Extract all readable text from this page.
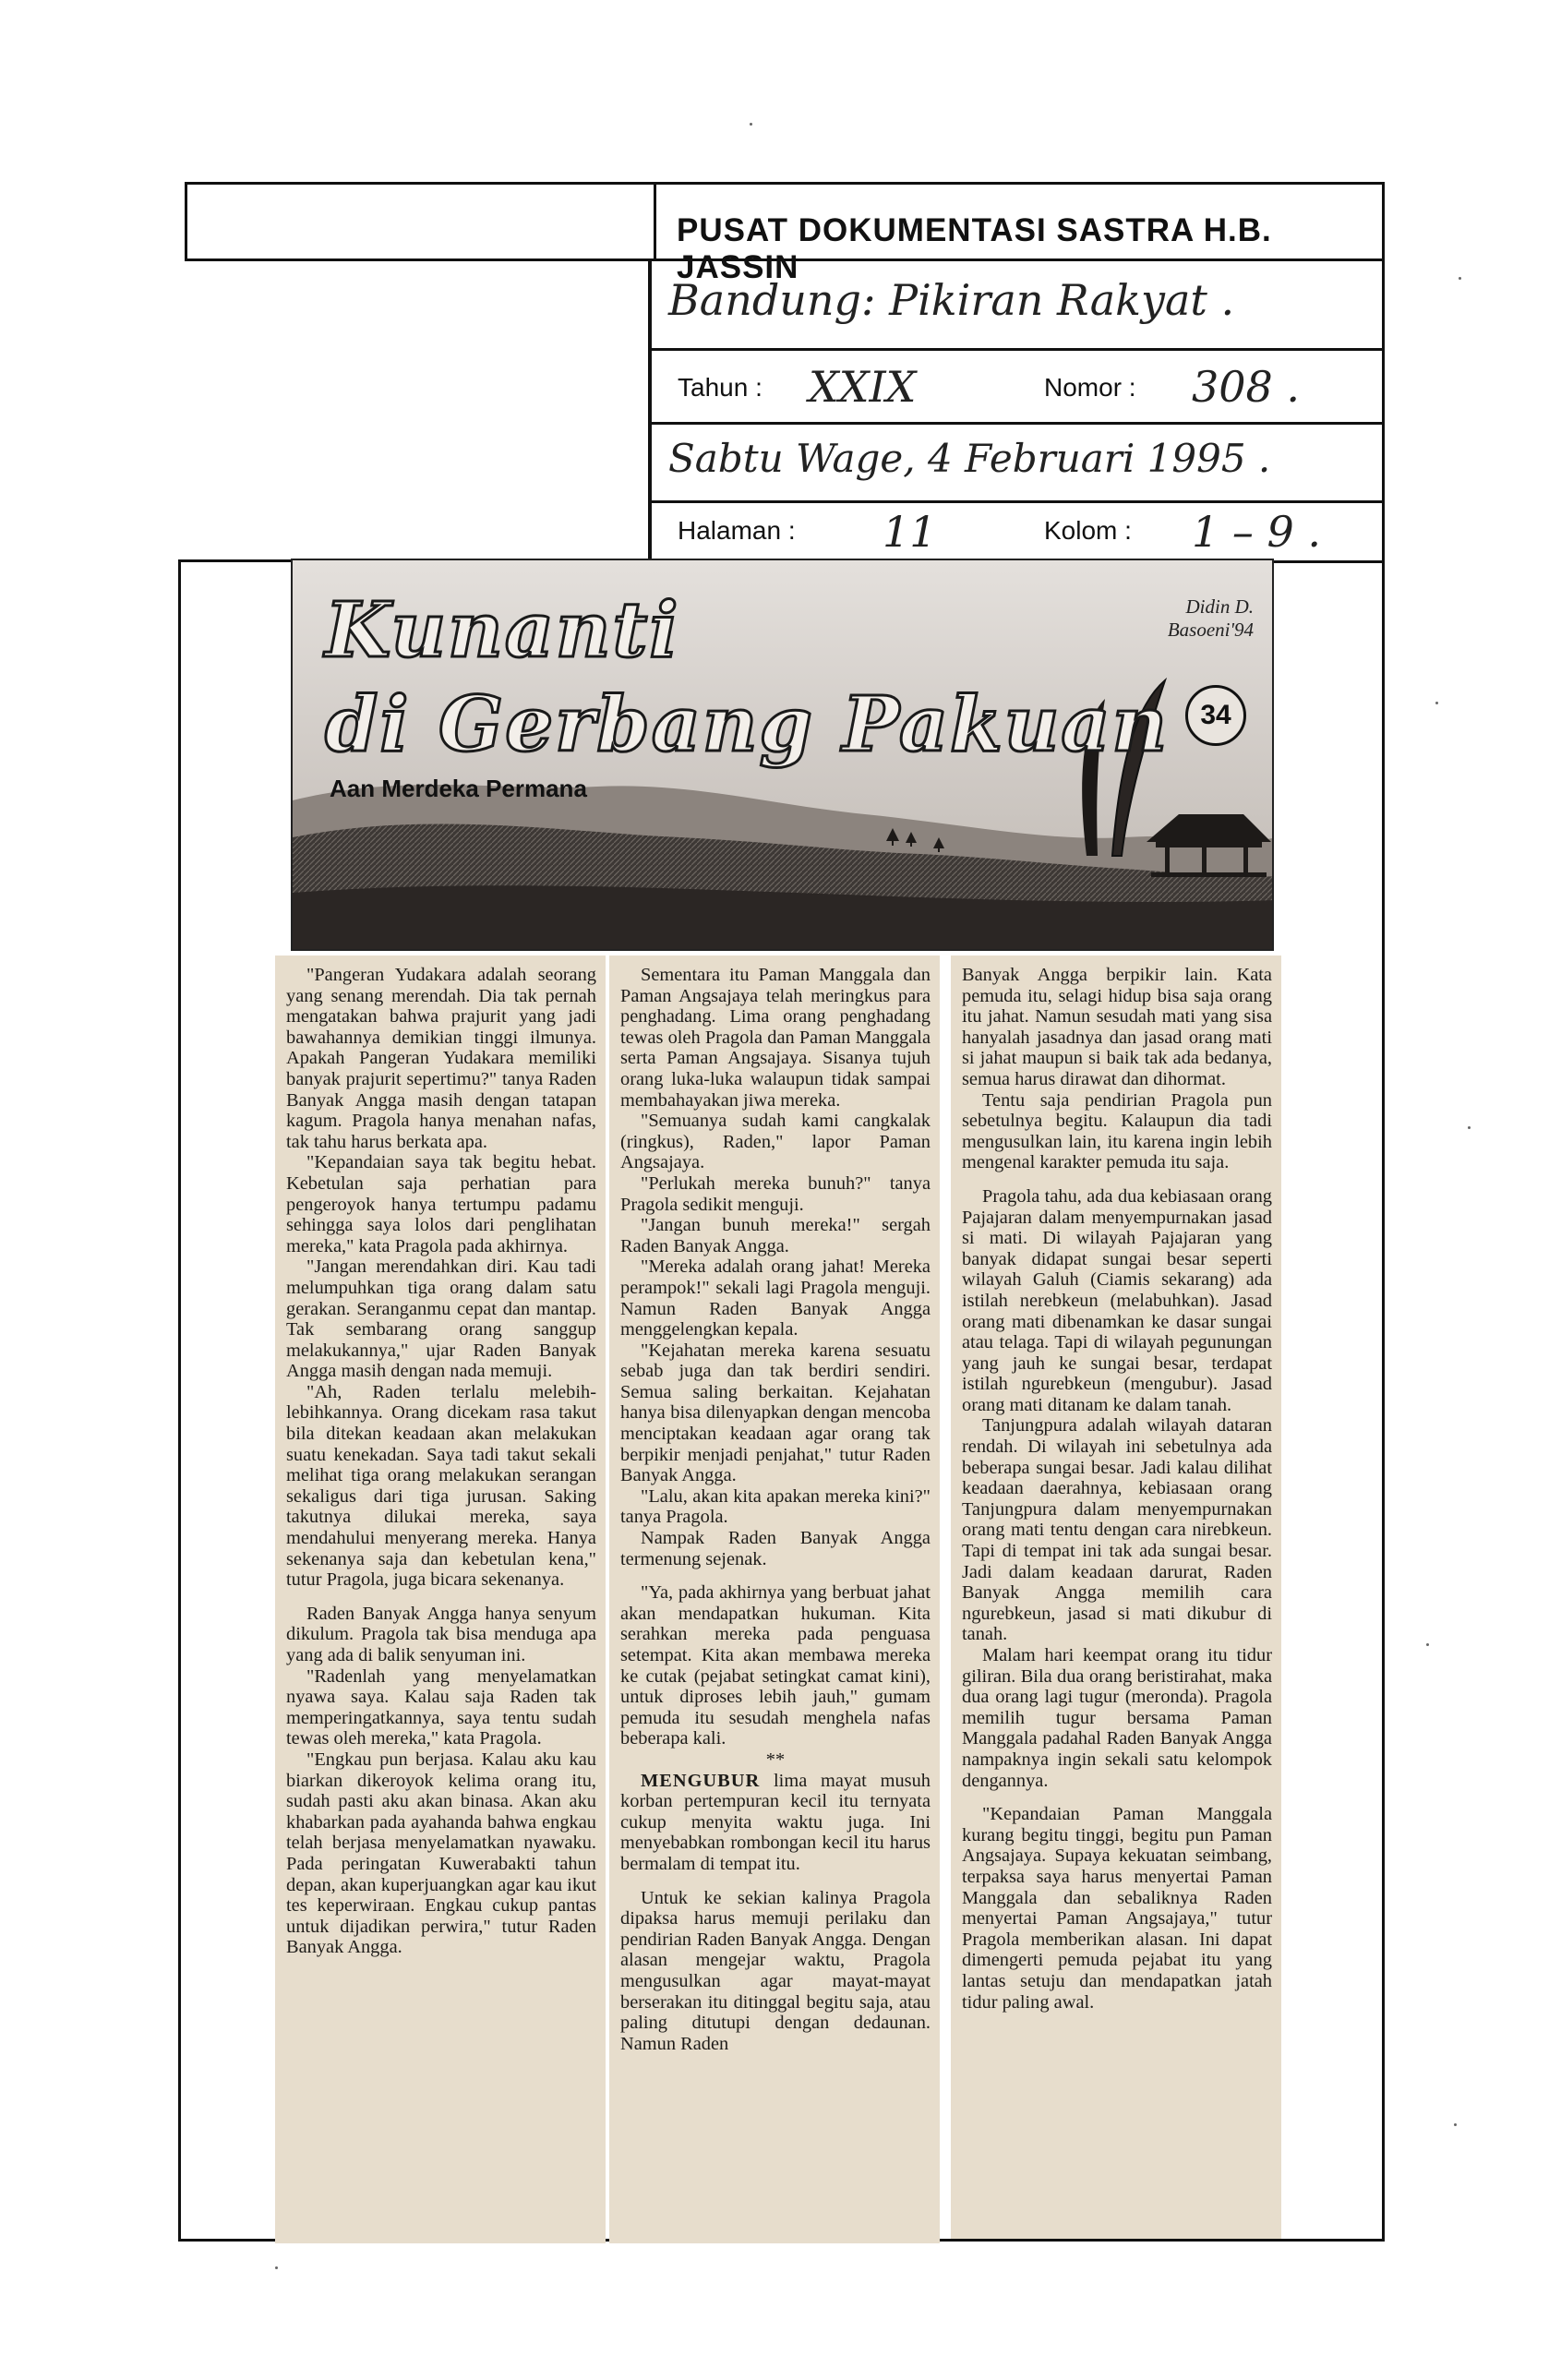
PUSAT DOKUMENTASI SASTRA H.B. JASSIN
Bandung: Pikiran Rakyat .
Tahun : XXIX	Nomor : 308 .
Sabtu Wage, 4 Februari 1995 .
Halaman : 11	Kolom : 1 – 9 .
Kunanti
di Gerbang Pakuan
Aan Merdeka Permana
Didin D.
Basoeni'94
34

"Pangeran Yudakara adalah seorang yang senang merendah. Dia tak pernah mengatakan bahwa prajurit yang jadi bawahannya demikian tinggi ilmunya. Apakah Pangeran Yudakara memiliki banyak prajurit sepertimu?" tanya Raden Banyak Angga masih dengan tatapan kagum. Pragola hanya menahan nafas, tak tahu harus berkata apa.

"Kepandaian saya tak begitu hebat. Kebetulan saja perhatian para pengeroyok hanya tertumpu padamu sehingga saya lolos dari penglihatan mereka," kata Pragola pada akhirnya.

"Jangan merendahkan diri. Kau tadi melumpuhkan tiga orang dalam satu gerakan. Seranganmu cepat dan mantap. Tak sembarang orang sanggup melakukannya," ujar Raden Banyak Angga masih dengan nada memuji.

"Ah, Raden terlalu melebih-lebihkannya. Orang dicekam rasa takut bila ditekan keadaan akan melakukan suatu kenekadan. Saya tadi takut sekali melihat tiga orang melakukan serangan sekaligus dari tiga jurusan. Saking takutnya dilukai mereka, saya mendahului menyerang mereka. Hanya sekenanya saja dan kebetulan kena," tutur Pragola, juga bicara sekenanya.

Raden Banyak Angga hanya senyum dikulum. Pragola tak bisa menduga apa yang ada di balik senyuman ini.

"Radenlah yang menyelamatkan nyawa saya. Kalau saja Raden tak memperingatkannya, saya tentu sudah tewas oleh mereka," kata Pragola.

"Engkau pun berjasa. Kalau aku kau biarkan dikeroyok kelima orang itu, sudah pasti aku akan binasa. Akan aku khabarkan pada ayahanda bahwa engkau telah berjasa menyelamatkan nyawaku. Pada peringatan Kuwerabakti tahun depan, akan kuperjuangkan agar kau ikut tes keperwiraan. Engkau cukup pantas untuk dijadikan perwira," tutur Raden Banyak Angga.

Sementara itu Paman Manggala dan Paman Angsajaya telah meringkus para penghadang. Lima orang penghadang tewas oleh Pragola dan Paman Manggala serta Paman Angsajaya. Sisanya tujuh orang luka-luka walaupun tidak sampai membahayakan jiwa mereka.

"Semuanya sudah kami cangkalak (ringkus), Raden," lapor Paman Angsajaya.

"Perlukah mereka bunuh?" tanya Pragola sedikit menguji.

"Jangan bunuh mereka!" sergah Raden Banyak Angga.

"Mereka adalah orang jahat! Mereka perampok!" sekali lagi Pragola menguji. Namun Raden Banyak Angga menggelengkan kepala.

"Kejahatan mereka karena sesuatu sebab juga dan tak berdiri sendiri. Semua saling berkaitan. Kejahatan hanya bisa dilenyapkan dengan mencoba menciptakan keadaan agar orang tak berpikir menjadi penjahat," tutur Raden Banyak Angga.

"Lalu, akan kita apakan mereka kini?" tanya Pragola.

Nampak Raden Banyak Angga termenung sejenak.

"Ya, pada akhirnya yang berbuat jahat akan mendapatkan hukuman. Kita serahkan mereka pada penguasa setempat. Kita akan membawa mereka ke cutak (pejabat setingkat camat kini), untuk diproses lebih jauh," gumam pemuda itu sesudah menghela nafas beberapa kali.

**

MENGUBUR lima mayat musuh korban pertempuran kecil itu ternyata cukup menyita waktu juga. Ini menyebabkan rombongan kecil itu harus bermalam di tempat itu.

Untuk ke sekian kalinya Pragola dipaksa harus memuji perilaku dan pendirian Raden Banyak Angga. Dengan alasan mengejar waktu, Pragola mengusulkan agar mayat-mayat berserakan itu ditinggal begitu saja, atau paling ditutupi dengan dedaunan. Namun Raden

Banyak Angga berpikir lain. Kata pemuda itu, selagi hidup bisa saja orang itu jahat. Namun sesudah mati yang sisa hanyalah jasadnya dan jasad orang mati si jahat maupun si baik tak ada bedanya, semua harus dirawat dan dihormat.

Tentu saja pendirian Pragola pun sebetulnya begitu. Kalaupun dia tadi mengusulkan lain, itu karena ingin lebih mengenal karakter pemuda itu saja.

Pragola tahu, ada dua kebiasaan orang Pajajaran dalam menyempurnakan jasad si mati. Di wilayah Pajajaran yang banyak didapat sungai besar seperti wilayah Galuh (Ciamis sekarang) ada istilah nerebkeun (melabuhkan). Jasad orang mati dibenamkan ke dasar sungai atau telaga. Tapi di wilayah pegunungan yang jauh ke sungai besar, terdapat istilah ngurebkeun (mengubur). Jasad orang mati ditanam ke dalam tanah.

Tanjungpura adalah wilayah dataran rendah. Di wilayah ini sebetulnya ada beberapa sungai besar. Jadi kalau dilihat keadaan daerahnya, kebiasaan orang Tanjungpura dalam menyempurnakan orang mati tentu dengan cara nirebkeun. Tapi di tempat ini tak ada sungai besar. Jadi dalam keadaan darurat, Raden Banyak Angga memilih cara ngurebkeun, jasad si mati dikubur di tanah.

Malam hari keempat orang itu tidur giliran. Bila dua orang beristirahat, maka dua orang lagi tugur (meronda). Pragola memilih tugur bersama Paman Manggala padahal Raden Banyak Angga nampaknya ingin sekali satu kelompok dengannya.

"Kepandaian Paman Manggala kurang begitu tinggi, begitu pun Paman Angsajaya. Supaya kekuatan seimbang, terpaksa saya harus menyertai Paman Manggala dan sebaliknya Raden menyertai Paman Angsajaya," tutur Pragola memberikan alasan. Ini dapat dimengerti pemuda pejabat itu yang lantas setuju dan mendapatkan jatah tidur paling awal.
